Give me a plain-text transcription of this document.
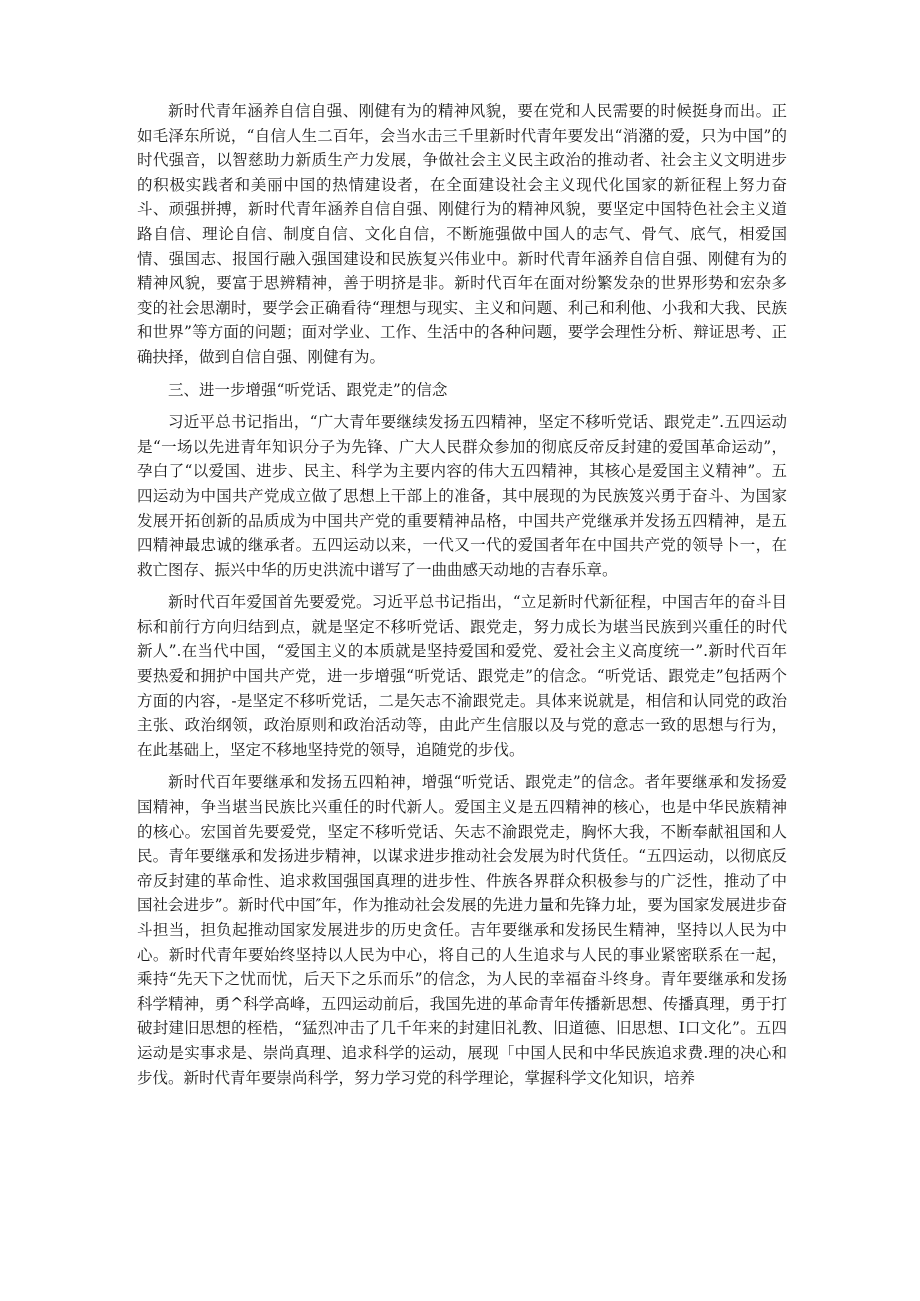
新时代青年涵养自信自强、刚健有为的精神风貌，要在党和人民需要的时候挺身而出。正如毛泽东所说，“自信人生二百年，会当水击三千里新时代青年要发出“消潴的爱，只为中国”的时代强音，以智慈助力新质生产力发展，争做社会主义民主政治的推动者、社会主义文明进步的积极实践者和美丽中国的热情建设者，在全面建设社会主义现代化国家的新征程上努力奋斗、顽强拼搏，新时代青年涵养自信自强、刚健行为的精神风貌，要坚定中国特色社会主义道路自信、理论自信、制度自信、文化自信，不断施强做中国人的志气、骨气、底气，相爱国情、强国志、报国行融入强国建设和民族复兴伟业中。新时代青年涵养自信自强、刚健有为的精神风貌，要富于思辨精神，善于明挤是非。新时代百年在面对纷繁发杂的世界形势和宏杂多变的社会思潮时，要学会正确看待“理想与现实、主义和问题、利己和利他、小我和大我、民族和世界”等方面的问题；面对学业、工作、生活中的各种问题，要学会理性分析、辩证思考、正确抉择，做到自信自强、刚健有为。

三、进一步增强“听党话、跟党走”的信念

习近平总书记指出，“广大青年要继续发扬五四精神，坚定不移听党话、跟党走”.五四运动是“一场以先进青年知识分子为先锋、广大人民群众参加的彻底反帝反封建的爱国革命运动”，孕白了“以爱国、进步、民主、科学为主要内容的伟大五四精神，其核心是爱国主义精神”。五四运动为中国共产党成立做了思想上干部上的准备，其中展现的为民族笈兴勇于奋斗、为国家发展开拓创新的品质成为中国共产党的重要精神品格，中国共产党继承并发扬五四精神，是五四精神最忠诚的继承者。五四运动以来，一代又一代的爱国者年在中国共产党的领导卜一，在救亡图存、振兴中华的历史洪流中谱写了一曲曲感天动地的吉春乐章。

新时代百年爱国首先要爱党。习近平总书记指出，“立足新时代新征程，中国吉年的奋斗目标和前行方向归结到点，就是坚定不移听党话、跟党走，努力成长为堪当民族到兴重任的时代新人”.在当代中国，“爱国主义的本质就是坚持爱国和爱党、爱社会主义高度统一”.新时代百年要热爱和拥护中国共产党，进一步增强“听党话、跟党走”的信念。“听党话、跟党走”包括两个方面的内容，-是坚定不移听党话，二是矢志不渝跟党走。具体来说就是，相信和认同党的政治主张、政治纲领，政治原则和政治活动等，由此产生信服以及与党的意志一致的思想与行为，在此基础上，坚定不移地坚持党的领导，追随党的步伐。

新时代百年要继承和发扬五四粕神，增强“听党话、跟党走”的信念。者年要继承和发扬爱国精神，争当堪当民族比兴重任的时代新人。爱国主义是五四精神的核心，也是中华民族精神的核心。宏国首先要爱党，坚定不移听党话、矢志不渝跟党走，胸怀大我，不断奉献祖国和人民。青年要继承和发扬进步精神，以谋求进步推动社会发展为时代货任。“五四运动，以彻底反帝反封建的革命性、追求救国强国真理的进步性、件族各界群众积极参与的广泛性，推动了中国社会进步”。新时代中国″年，作为推动社会发展的先进力量和先锋力址，要为国家发展进步奋斗担当，担负起推动国家发展进步的历史贪任。吉年要继承和发扬民生精神，坚持以人民为中心。新时代青年要始终坚持以人民为中心，将自己的人生追求与人民的事业紧密联系在一起，乘持“先天下之忧而忧，后天下之乐而乐”的信念，为人民的幸福奋斗终身。青年要继承和发扬科学精神，勇^科学高峰，五四运动前后，我国先进的革命青年传播新思想、传播真理，勇于打破封建旧思想的桎梏，“猛烈冲击了几千年来的封建旧礼教、旧道德、旧思想、I口文化”。五四运动是实事求是、崇尚真理、追求科学的运动，展现「中国人民和中华民族追求费.理的决心和步伐。新时代青年要崇尚科学，努力学习党的科学理论，掌握科学文化知识，培养
